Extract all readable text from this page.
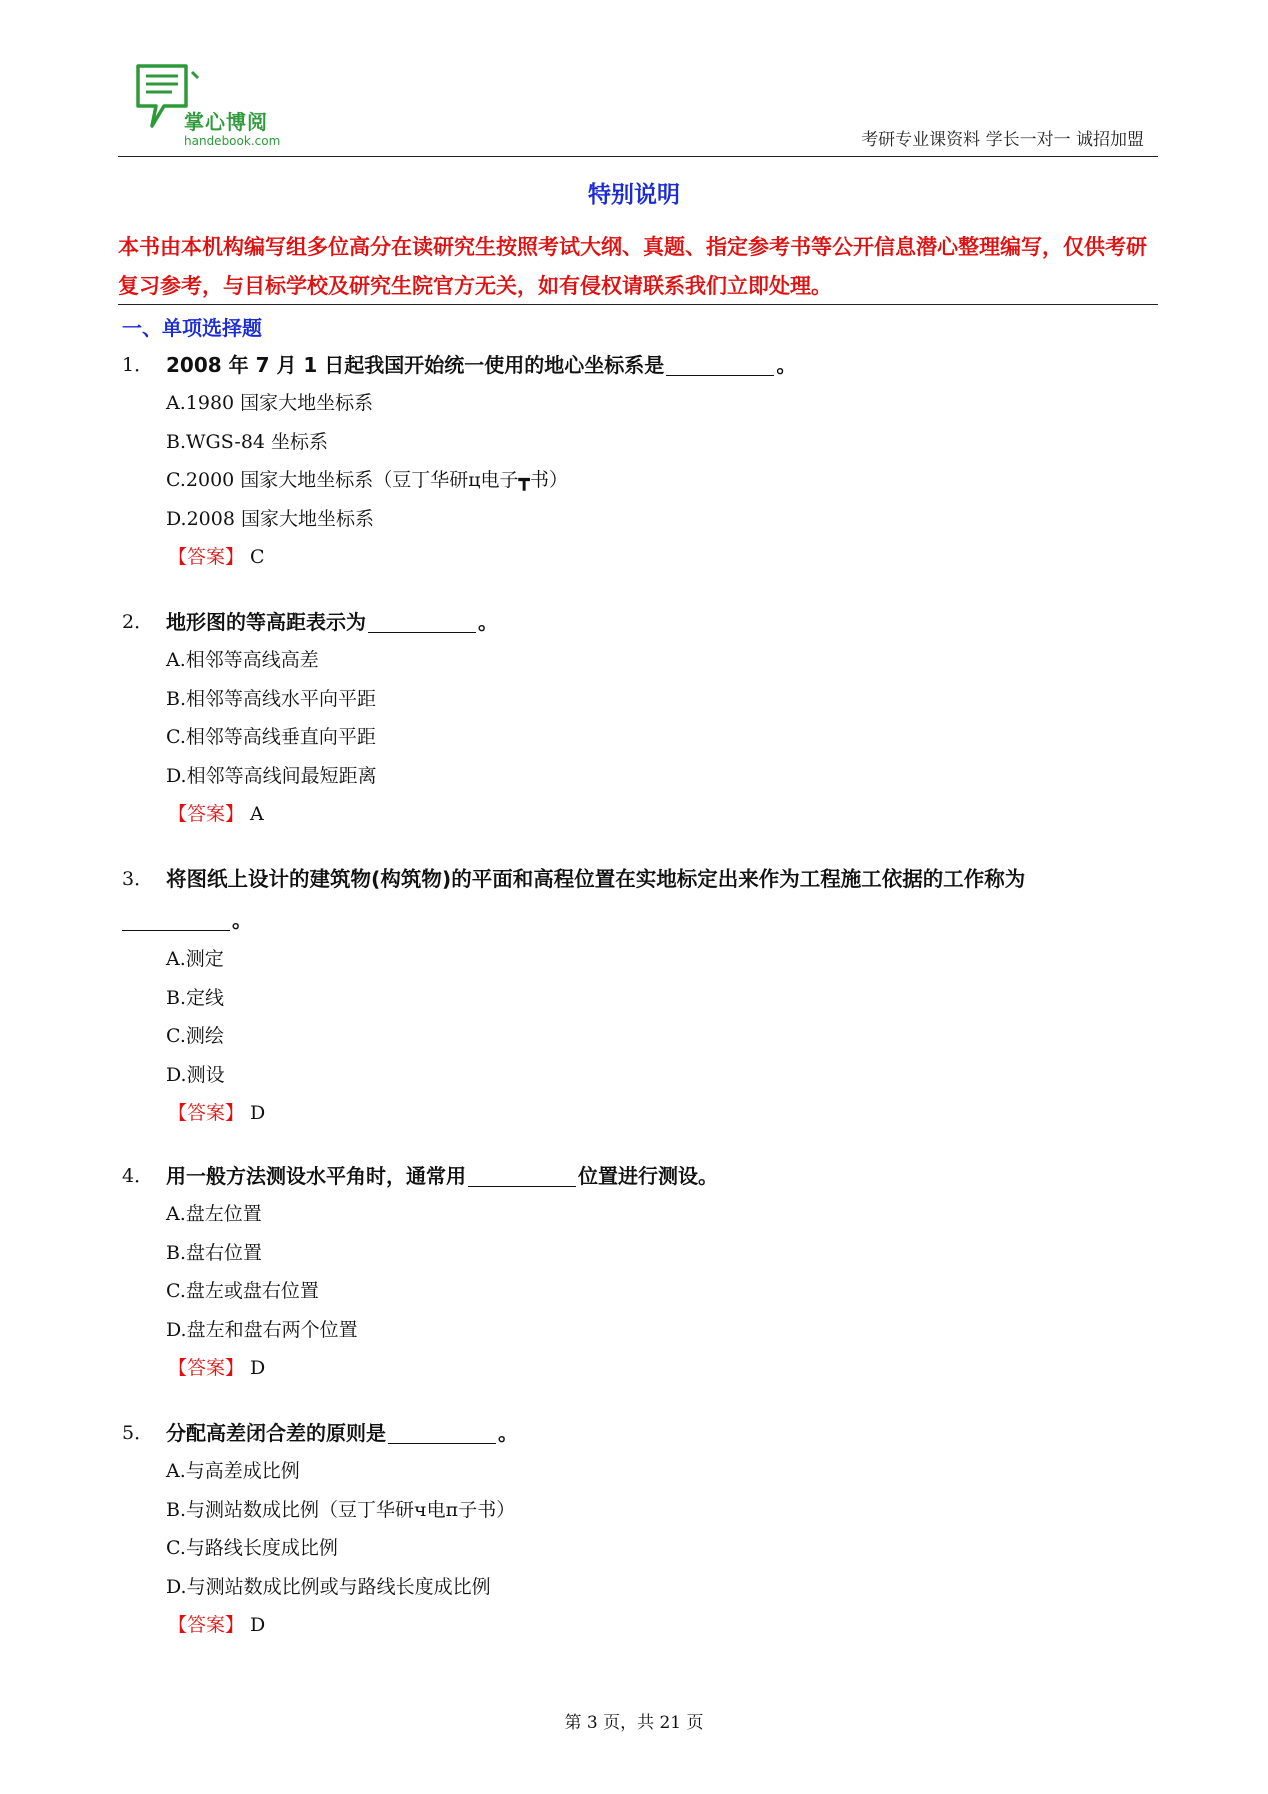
掌心博阅
handebook.com	考研专业课资料 学长一对一 诚招加盟
特别说明
本书由本机构编写组多位高分在读研究生按照考试大纲、真题、指定参考书等公开信息潜心整理编写，仅供考研复习参考，与目标学校及研究生院官方无关，如有侵权请联系我们立即处理。
一、单项选择题
1． 2008 年 7 月 1 日起我国开始统一使用的地心坐标系是	。
A.1980 国家大地坐标系
B.WGS-84 坐标系
C.2000 国家大地坐标系（豆丁华研ц电子┳书）
D.2008 国家大地坐标系
【答案】 C
2． 地形图的等高距表示为	。
A.相邻等高线高差
B.相邻等高线水平向平距
C.相邻等高线垂直向平距
D.相邻等高线间最短距离
【答案】 A
3． 将图纸上设计的建筑物(构筑物)的平面和高程位置在实地标定出来作为工程施工依据的工作称为
。
A.测定
B.定线
C.测绘
D.测设
【答案】 D
4． 用一般方法测设水平角时，通常用	位置进行测设。
A.盘左位置
B.盘右位置
C.盘左或盘右位置
D.盘左和盘右两个位置
【答案】 D
5． 分配高差闭合差的原则是	。
A.与高差成比例
B.与测站数成比例（豆丁华研ч电п子书）
C.与路线长度成比例
D.与测站数成比例或与路线长度成比例
【答案】 D
第 3 页，共 21 页
